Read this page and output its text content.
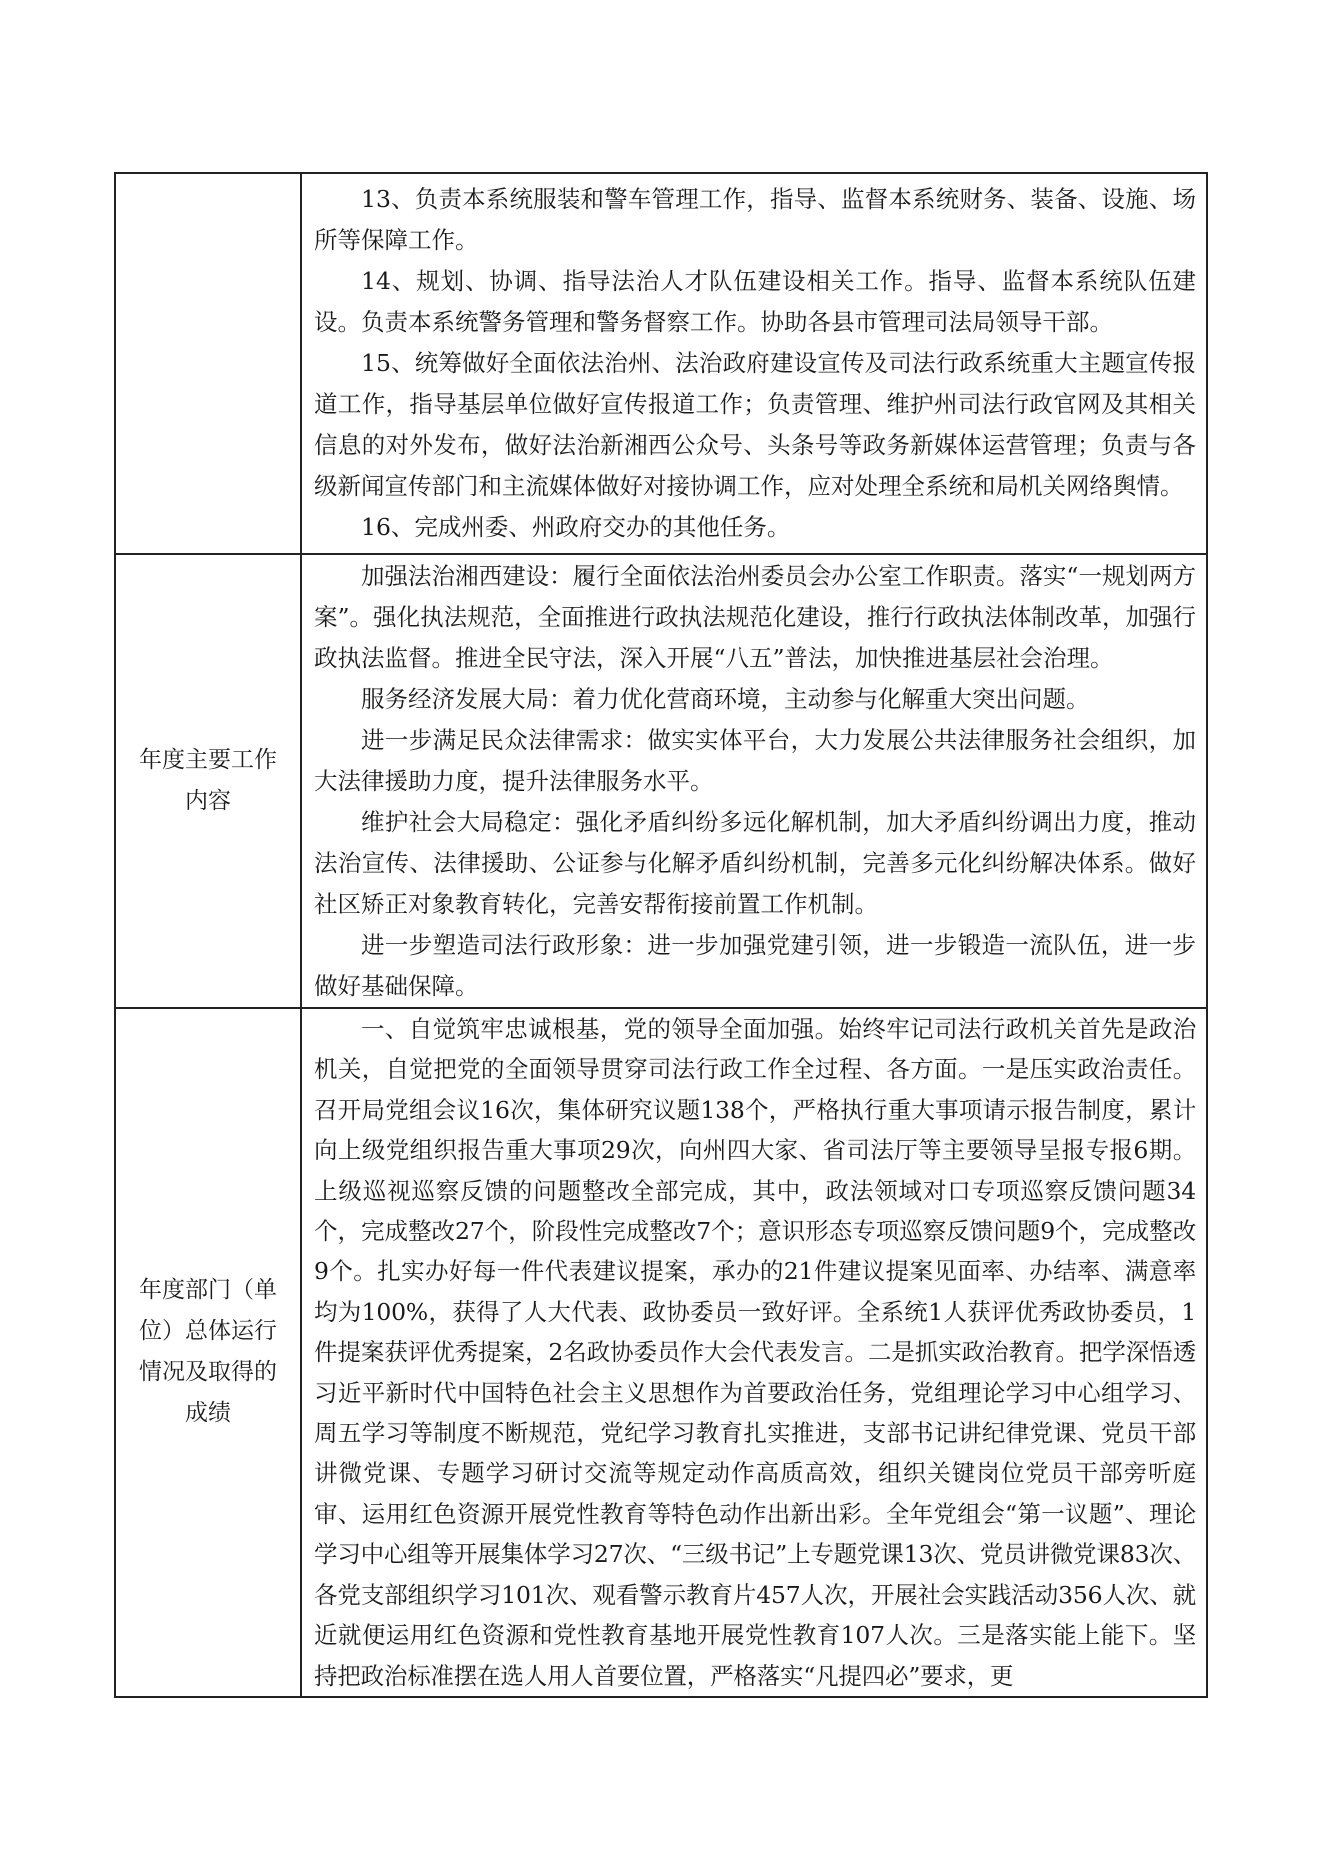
	13、负责本系统服装和警车管理工作，指导、监督本系统财务、装备、设施、场所等保障工作。

14、规划、协调、指导法治人才队伍建设相关工作。指导、监督本系统队伍建设。负责本系统警务管理和警务督察工作。协助各县市管理司法局领导干部。

15、统筹做好全面依法治州、法治政府建设宣传及司法行政系统重大主题宣传报道工作，指导基层单位做好宣传报道工作；负责管理、维护州司法行政官网及其相关信息的对外发布，做好法治新湘西公众号、头条号等政务新媒体运营管理；负责与各级新闻宣传部门和主流媒体做好对接协调工作，应对处理全系统和局机关网络舆情。

16、完成州委、州政府交办的其他任务。

年度主要工作内容	加强法治湘西建设：履行全面依法治州委员会办公室工作职责。落实“一规划两方案”。强化执法规范，全面推进行政执法规范化建设，推行行政执法体制改革，加强行政执法监督。推进全民守法，深入开展“八五”普法，加快推进基层社会治理。

服务经济发展大局：着力优化营商环境，主动参与化解重大突出问题。

进一步满足民众法律需求：做实实体平台，大力发展公共法律服务社会组织，加大法律援助力度，提升法律服务水平。

维护社会大局稳定：强化矛盾纠纷多远化解机制，加大矛盾纠纷调出力度，推动法治宣传、法律援助、公证参与化解矛盾纠纷机制，完善多元化纠纷解决体系。做好社区矫正对象教育转化，完善安帮衔接前置工作机制。

进一步塑造司法行政形象：进一步加强党建引领，进一步锻造一流队伍，进一步做好基础保障。

年度部门（单位）总体运行情况及取得的成绩	一、自觉筑牢忠诚根基，党的领导全面加强。始终牢记司法行政机关首先是政治机关，自觉把党的全面领导贯穿司法行政工作全过程、各方面。一是压实政治责任。召开局党组会议16次，集体研究议题138个，严格执行重大事项请示报告制度，累计向上级党组织报告重大事项29次，向州四大家、省司法厅等主要领导呈报专报6期。上级巡视巡察反馈的问题整改全部完成，其中，政法领域对口专项巡察反馈问题34个，完成整改27个，阶段性完成整改7个；意识形态专项巡察反馈问题9个，完成整改9个。扎实办好每一件代表建议提案，承办的21件建议提案见面率、办结率、满意率均为100%，获得了人大代表、政协委员一致好评。全系统1人获评优秀政协委员，1件提案获评优秀提案，2名政协委员作大会代表发言。二是抓实政治教育。把学深悟透习近平新时代中国特色社会主义思想作为首要政治任务，党组理论学习中心组学习、周五学习等制度不断规范，党纪学习教育扎实推进，支部书记讲纪律党课、党员干部讲微党课、专题学习研讨交流等规定动作高质高效，组织关键岗位党员干部旁听庭审、运用红色资源开展党性教育等特色动作出新出彩。全年党组会“第一议题”、理论学习中心组等开展集体学习27次、“三级书记”上专题党课13次、党员讲微党课83次、各党支部组织学习101次、观看警示教育片457人次，开展社会实践活动356人次、就近就便运用红色资源和党性教育基地开展党性教育107人次。三是落实能上能下。坚持把政治标准摆在选人用人首要位置，严格落实“凡提四必”要求，更
